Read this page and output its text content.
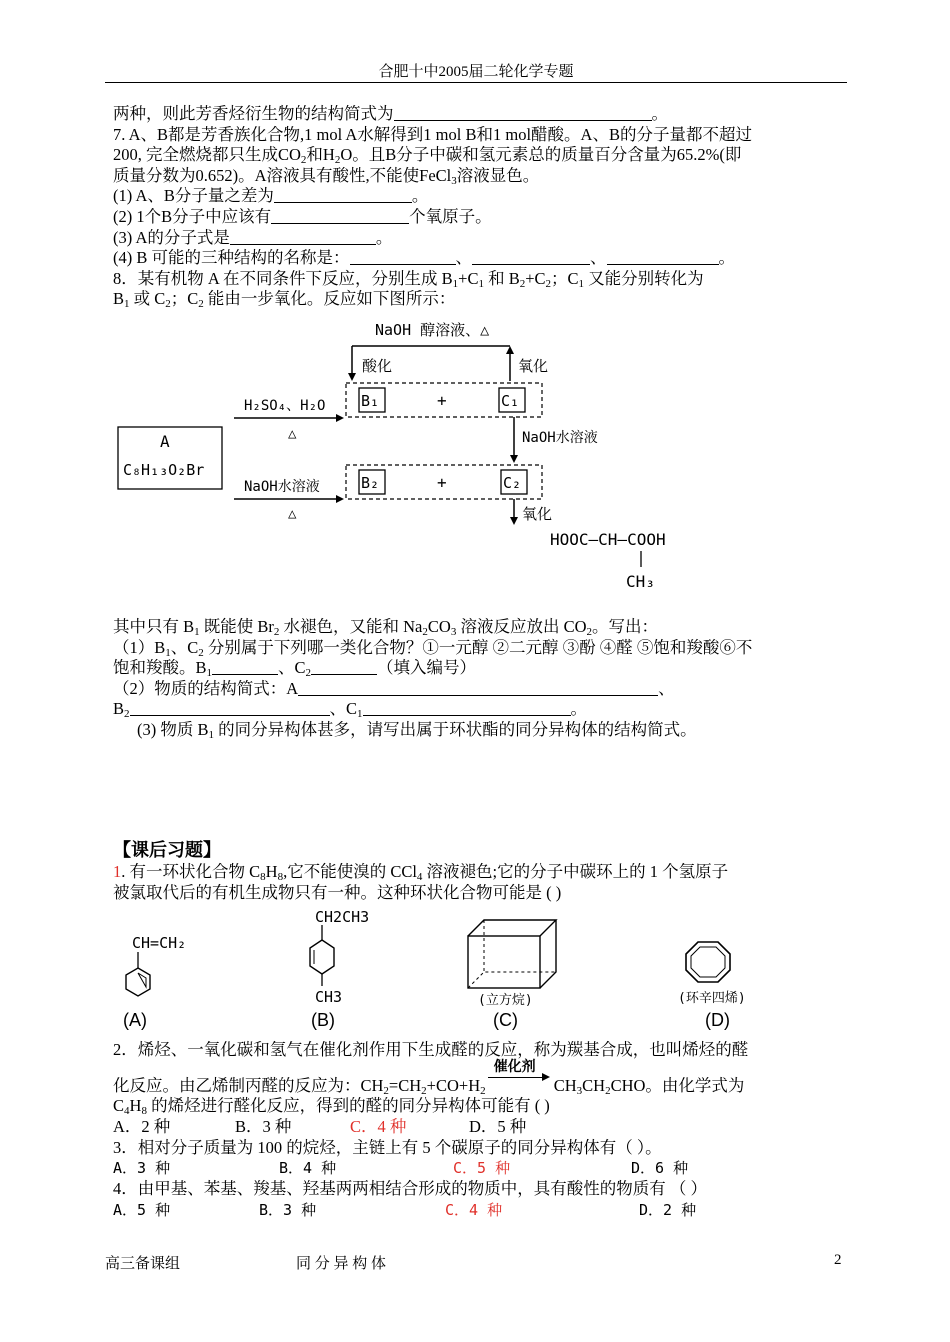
合肥十中2005届二轮化学专题
两种，则此芳香烃衍生物的结构简式为	。
7. A、B都是芳香族化合物,1 mol A水解得到1 mol B和1 mol醋酸。A、B的分子量都不超过
200, 完全燃烧都只生成$CO_2$和$H_2O$。且B分子中碳和氢元素总的质量百分含量为65.2%(即
质量分数为0.652)。A溶液具有酸性,不能使FeCl$_3$溶液显色。
(1) A、B分子量之差为	。
(2) 1个B分子中应该有	个氧原子。
(3) A的分子式是	。
(4) B 可能的三种结构的名称是：	、	、	。
8．某有机物 A 在不同条件下反应，分别生成 $B_1+C_1$ 和 $B_2+C_2$；$C_1$ 又能分别转化为
$B_1$ 或 $C_2$；$C_2$ 能由一步氧化。反应如下图所示：
NaOH 醇溶液、△
酸化	氧化
B₁	+	C₁
H₂SO₄、H₂O
△	NaOH水溶液
A
C₈H₁₃O₂Br
B₂	+	C₂
NaOH水溶液
△	氧化
HOOC—CH—COOH
CH₃
其中只有 $B_1$ 既能使 $Br_2$ 水褪色，又能和 $Na_2CO_3$ 溶液反应放出 $CO_2$。写出：
$(1)B_1$、$C_2$ 分别属于下列哪一类化合物？①一元醇 ②二元醇 ③酚 ④醛 ⑤饱和羧酸⑥不
饱和羧酸。$B_1$	、$C_2$	（填入编号）
（2）物质的结构简式：A	、
$B_2$	、$C_1$	。
(3) 物质 $B_1$ 的同分异构体甚多，请写出属于环状酯的同分异构体的结构简式。
【课后习题】
1. 有一环状化合物 $C_8H_8$,它不能使溴的 CCl$_4$ 溶液褪色;它的分子中碳环上的 1 个氢原子
被氯取代后的有机生成物只有一种。这种环状化合物可能是 ( )
CH=CH₂
CH2CH3
CH3	(立方烷)	(环辛四烯)
(A)	(B)	(C)	(D)
2．烯烃、一氧化碳和氢气在催化剂作用下生成醛的反应，称为羰基合成，也叫烯烃的醛
化反应。由乙烯制丙醛的反应为：$CH_2=CH_2+CO+H_2$
催化剂
$CH_3CH_2CHO$。由化学式为
$C_4H_8$ 的烯烃进行醛化反应，得到的醛的同分异构体可能有 ( )
A．2 种	B．3 种	C．4 种	D．5 种
3．相对分子质量为 100 的烷烃，主链上有 5 个碳原子的同分异构体有（ ）。
A．3 种	B．4 种	C．5 种	D．6 种
4．由甲基、苯基、羧基、羟基两两相结合形成的物质中，具有酸性的物质有 （ ）
A．5 种	B．3 种	C．4 种	D．2 种
高三备课组	同 分 异 构 体	2
